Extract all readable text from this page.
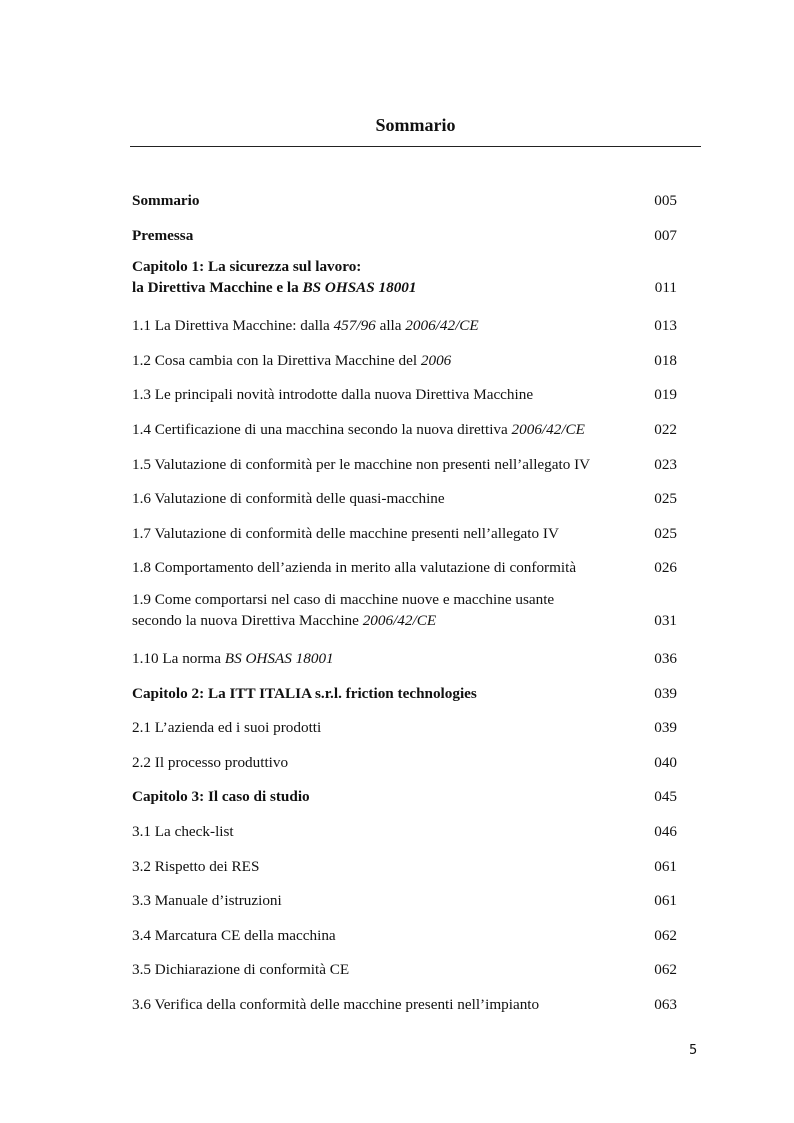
Sommario
Sommario	005
Premessa	007
Capitolo 1: La sicurezza sul lavoro:
la Direttiva Macchine e la BS OHSAS 18001	011
1.1 La Direttiva Macchine: dalla 457/96 alla 2006/42/CE	013
1.2 Cosa cambia con la Direttiva Macchine del 2006	018
1.3 Le principali novità introdotte dalla nuova Direttiva Macchine	019
1.4 Certificazione di una macchina secondo la nuova direttiva 2006/42/CE	022
1.5 Valutazione di conformità per le macchine non presenti nell’allegato IV	023
1.6 Valutazione di conformità delle quasi-macchine	025
1.7 Valutazione di conformità delle macchine presenti nell’allegato IV	025
1.8 Comportamento dell’azienda in merito alla valutazione di conformità	026
1.9 Come comportarsi nel caso di macchine nuove e macchine usante
secondo la nuova Direttiva Macchine 2006/42/CE	031
1.10 La norma BS OHSAS 18001	036
Capitolo 2: La ITT ITALIA s.r.l. friction technologies	039
2.1 L’azienda ed i suoi prodotti	039
2.2 Il processo produttivo	040
Capitolo 3: Il caso di studio	045
3.1 La check-list	046
3.2 Rispetto dei RES	061
3.3 Manuale d’istruzioni	061
3.4 Marcatura CE della macchina	062
3.5 Dichiarazione di conformità CE	062
3.6 Verifica della conformità delle macchine presenti nell’impianto	063
5
